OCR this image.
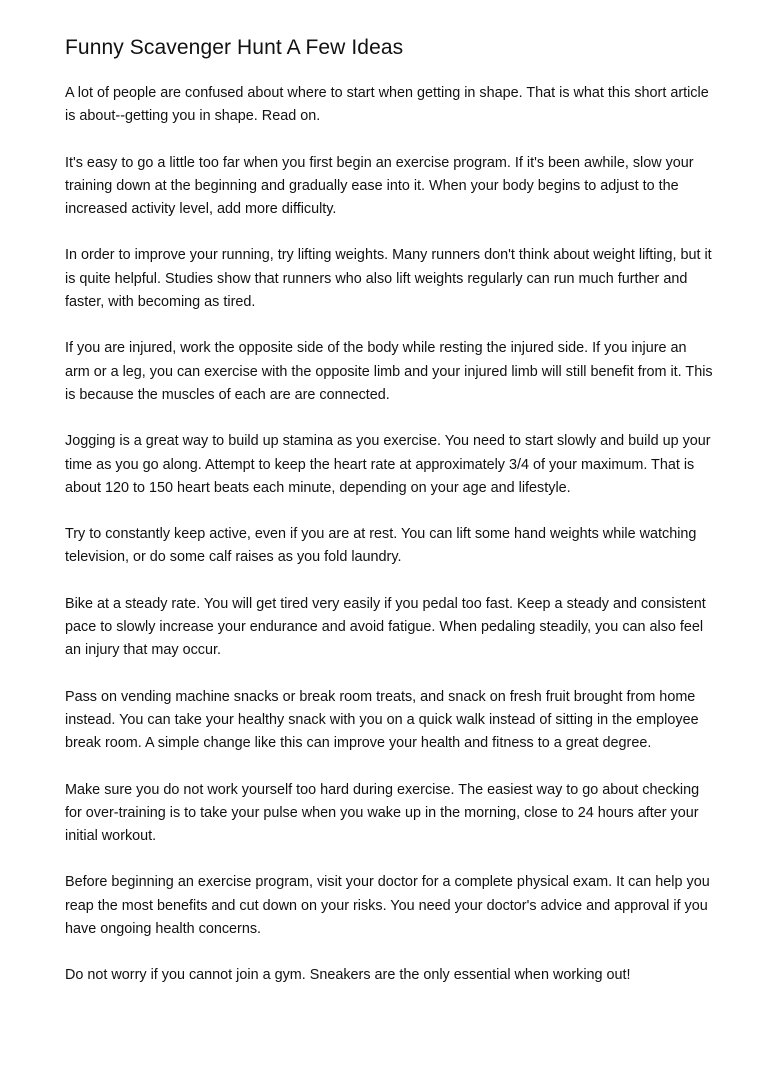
Funny Scavenger Hunt A Few Ideas

A lot of people are confused about where to start when getting in shape. That is what this short article is about--getting you in shape. Read on.

It's easy to go a little too far when you first begin an exercise program. If it's been awhile, slow your training down at the beginning and gradually ease into it. When your body begins to adjust to the increased activity level, add more difficulty.

In order to improve your running, try lifting weights. Many runners don't think about weight lifting, but it is quite helpful. Studies show that runners who also lift weights regularly can run much further and faster, with becoming as tired.

If you are injured, work the opposite side of the body while resting the injured side. If you injure an arm or a leg, you can exercise with the opposite limb and your injured limb will still benefit from it. This is because the muscles of each are are connected.

Jogging is a great way to build up stamina as you exercise. You need to start slowly and build up your time as you go along. Attempt to keep the heart rate at approximately 3/4 of your maximum. That is about 120 to 150 heart beats each minute, depending on your age and lifestyle.

Try to constantly keep active, even if you are at rest. You can lift some hand weights while watching television, or do some calf raises as you fold laundry.

Bike at a steady rate. You will get tired very easily if you pedal too fast. Keep a steady and consistent pace to slowly increase your endurance and avoid fatigue. When pedaling steadily, you can also feel an injury that may occur.

Pass on vending machine snacks or break room treats, and snack on fresh fruit brought from home instead. You can take your healthy snack with you on a quick walk instead of sitting in the employee break room. A simple change like this can improve your health and fitness to a great degree.

Make sure you do not work yourself too hard during exercise. The easiest way to go about checking for over-training is to take your pulse when you wake up in the morning, close to 24 hours after your initial workout.

Before beginning an exercise program, visit your doctor for a complete physical exam. It can help you reap the most benefits and cut down on your risks. You need your doctor's advice and approval if you have ongoing health concerns.

Do not worry if you cannot join a gym. Sneakers are the only essential when working out!
